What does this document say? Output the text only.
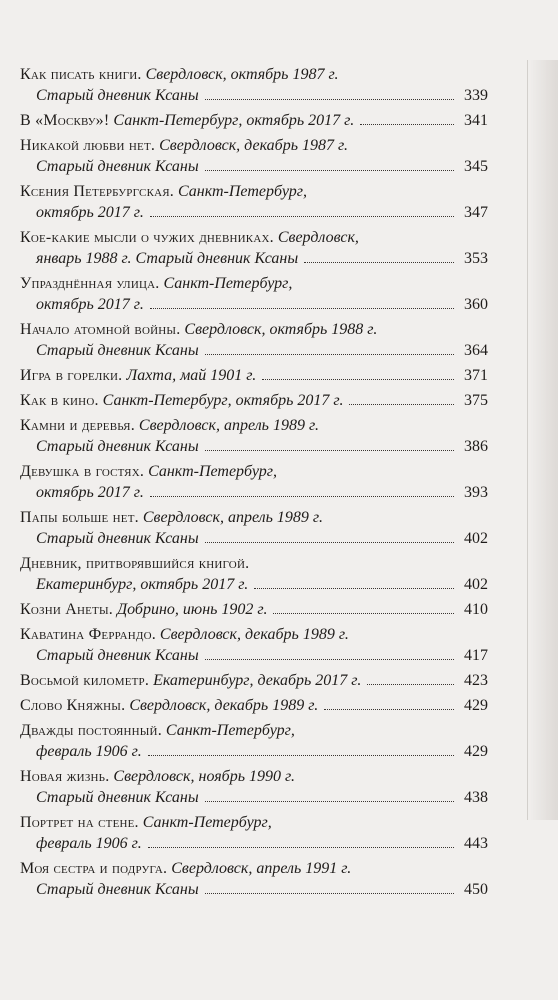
Как писать книги.
Свердловск, октябрь 1987 г.
Старый дневник Ксаны	339
В «Москву»!
Санкт-Петербург, октябрь 2017 г.	341
Никакой любви нет.
Свердловск, декабрь 1987 г.
Старый дневник Ксаны	345
Ксения Петербургская.
Санкт-Петербург,
октябрь 2017 г.	347
Кое-какие мысли о чужих дневниках.
Свердловск,
январь 1988 г. Старый дневник Ксаны	353
Упразднённая улица.
Санкт-Петербург,
октябрь 2017 г.	360
Начало атомной войны.
Свердловск, октябрь 1988 г.
Старый дневник Ксаны	364
Игра в горелки.
Лахта, май 1901 г.	371
Как в кино.
Санкт-Петербург, октябрь 2017 г.	375
Камни и деревья.
Свердловск, апрель 1989 г.
Старый дневник Ксаны	386
Девушка в гостях.
Санкт-Петербург,
октябрь 2017 г.	393
Папы больше нет.
Свердловск, апрель 1989 г.
Старый дневник Ксаны	402
Дневник, притворявшийся книгой.
Екатеринбург, октябрь 2017 г.	402
Козни Анеты.
Добрино, июнь 1902 г.	410
Каватина Феррандо.
Свердловск, декабрь 1989 г.
Старый дневник Ксаны	417
Восьмой километр.
Екатеринбург, декабрь 2017 г.	423
Слово Княжны.
Свердловск, декабрь 1989 г.	429
Дважды постоянный.
Санкт-Петербург,
февраль 1906 г.	429
Новая жизнь.
Свердловск, ноябрь 1990 г.
Старый дневник Ксаны	438
Портрет на стене.
Санкт-Петербург,
февраль 1906 г.	443
Моя сестра и подруга.
Свердловск, апрель 1991 г.
Старый дневник Ксаны	450
